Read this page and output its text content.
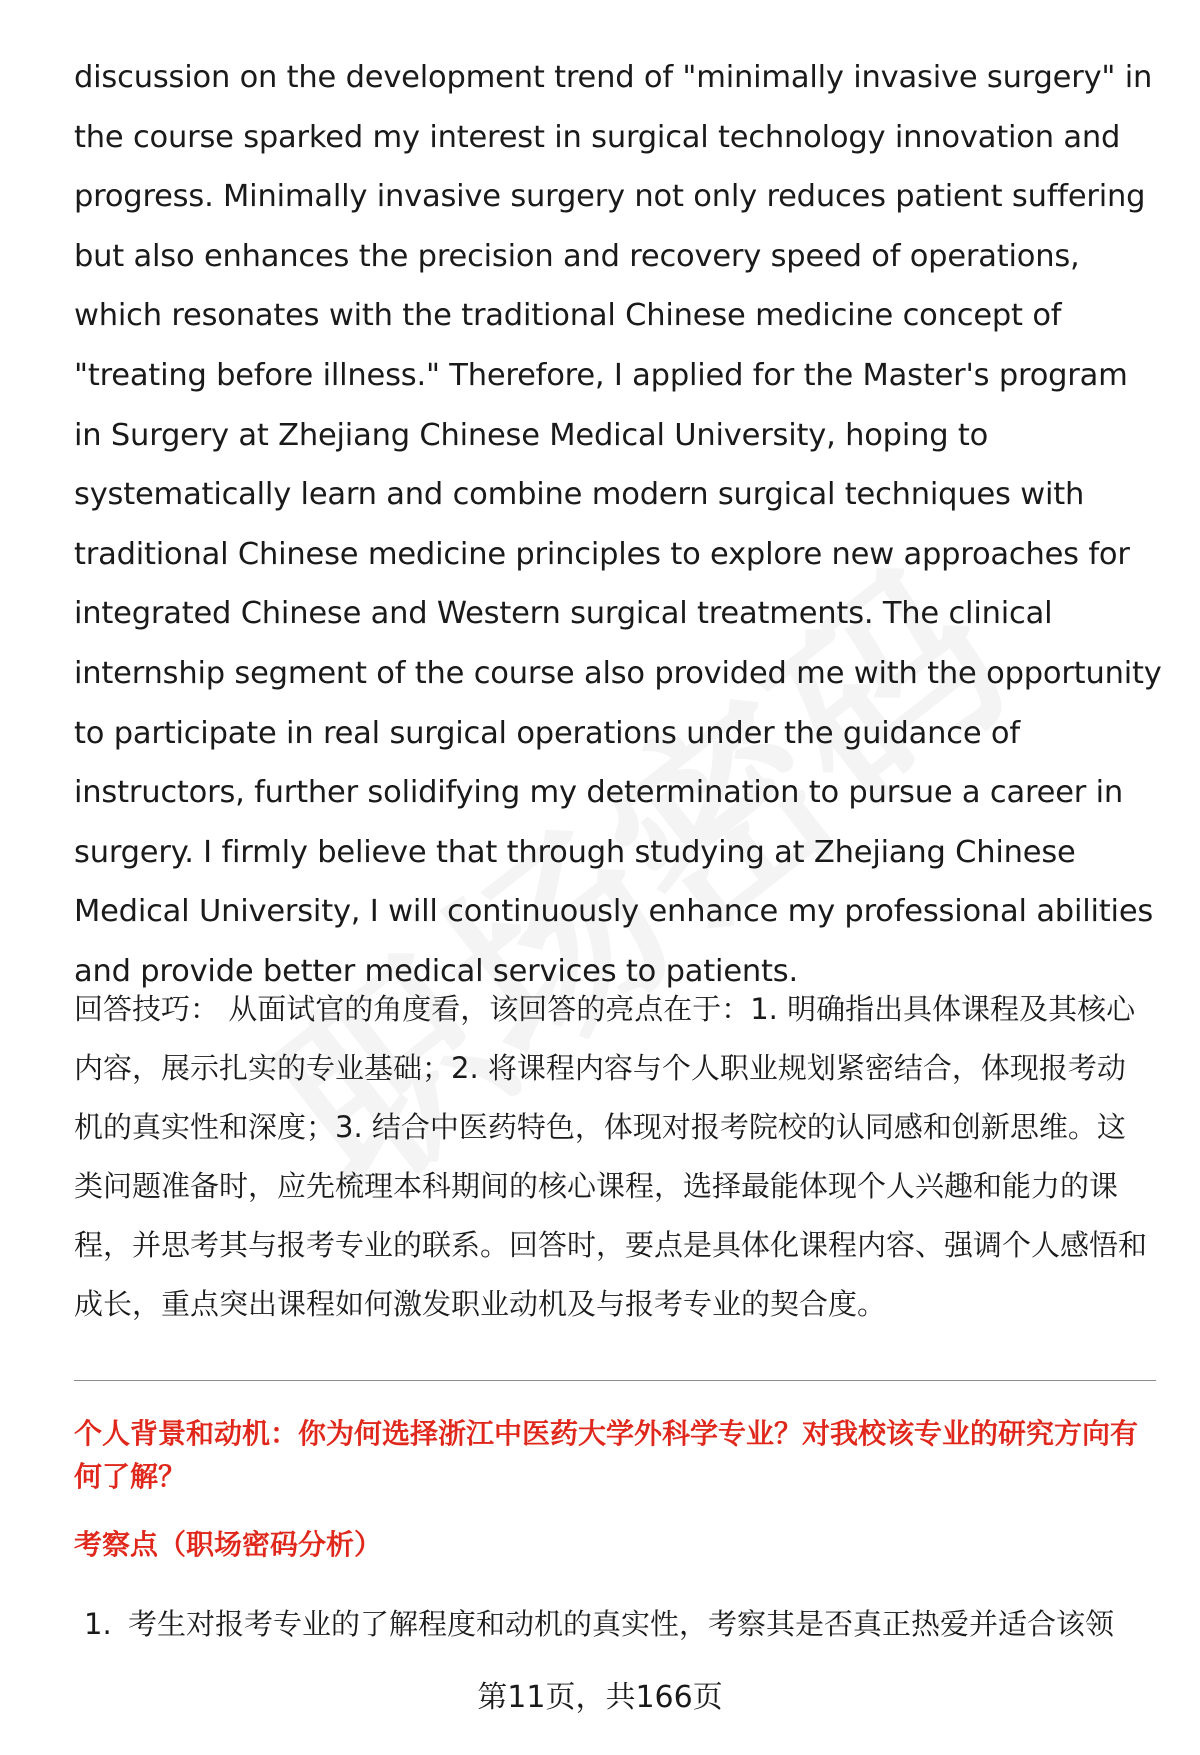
discussion on the development trend of "minimally invasive surgery" in the course sparked my interest in surgical technology innovation and progress. Minimally invasive surgery not only reduces patient suffering but also enhances the precision and recovery speed of operations, which resonates with the traditional Chinese medicine concept of "treating before illness." Therefore, I applied for the Master's program in Surgery at Zhejiang Chinese Medical University, hoping to systematically learn and combine modern surgical techniques with traditional Chinese medicine principles to explore new approaches for integrated Chinese and Western surgical treatments. The clinical internship segment of the course also provided me with the opportunity to participate in real surgical operations under the guidance of instructors, further solidifying my determination to pursue a career in surgery. I firmly believe that through studying at Zhejiang Chinese Medical University, I will continuously enhance my professional abilities and provide better medical services to patients.

回答技巧： 从面试官的角度看，该回答的亮点在于：1. 明确指出具体课程及其核心内容，展示扎实的专业基础；2. 将课程内容与个人职业规划紧密结合，体现报考动机的真实性和深度；3. 结合中医药特色，体现对报考院校的认同感和创新思维。这类问题准备时，应先梳理本科期间的核心课程，选择最能体现个人兴趣和能力的课程，并思考其与报考专业的联系。回答时，要点是具体化课程内容、强调个人感悟和成长，重点突出课程如何激发职业动机及与报考专业的契合度。

个人背景和动机：你为何选择浙江中医药大学外科学专业？对我校该专业的研究方向有何了解？

考察点（职场密码分析）

1. 考生对报考专业的了解程度和动机的真实性，考察其是否真正热爱并适合该领

第11页，共166页
